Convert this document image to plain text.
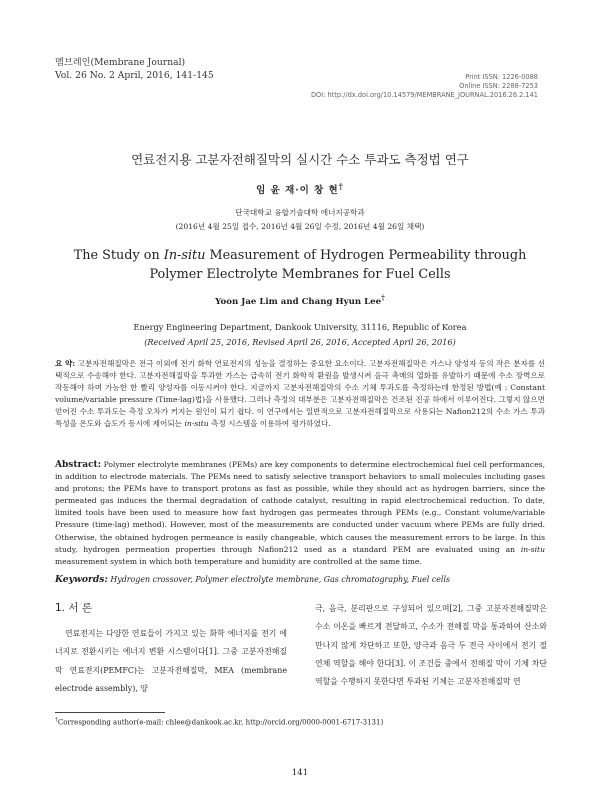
멤브레인(Membrane Journal)
Vol. 26 No. 2 April, 2016, 141-145	Print ISSN: 1226-0088
Online ISSN: 2288-7253
DOI: http://dx.doi.org/10.14579/MEMBRANE_JOURNAL.2016.26.2.141
연료전지용 고분자전해질막의 실시간 수소 투과도 측정법 연구
임 윤 재·이 창 현†
단국대학교 융합기술대학 에너지공학과
(2016년 4월 25일 접수, 2016년 4월 26일 수정, 2016년 4월 26일 채택)
The Study on In-situ Measurement of Hydrogen Permeability through Polymer Electrolyte Membranes for Fuel Cells
Yoon Jae Lim and Chang Hyun Lee†
Energy Engineering Department, Dankook University, 31116, Republic of Korea
(Received April 25, 2016, Revised April 26, 2016, Accepted April 26, 2016)
요 약: 고분자전해질막은 전극 이외에 전기 화학 연료전지의 성능을 결정하는 중요한 요소이다. 고분자전해질막은 가스나 양성자 등의 작은 분자를 선택적으로 수송해야 한다. 고분자전해질막을 투과한 가스는 급속히 전기 화학적 환원을 발생시켜 음극 촉매의 열화를 유발하기 때문에 수소 장벽으로 작동해야 하며 가능한 한 빨리 양성자를 이동시켜야 한다. 지금까지 고분자전해질막의 수소 기체 투과도를 측정하는데 한정된 방법(예 : Constant volume/variable pressure (Time-lag)법)을 사용했다. 그러나 측정의 대부분은 고분자전해질막은 건조된 진공 하에서 이루어진다. 그렇지 않으면 얻어진 수소 투과도는 측정 오차가 커지는 원인이 되기 쉽다. 이 연구에서는 일반적으로 고분자전해질막으로 사용되는 Nafion212의 수소 가스 투과 특성을 온도와 습도가 동시에 제어되는 in-situ 측정 시스템을 이용하여 평가하였다.
Abstract: Polymer electrolyte membranes (PEMs) are key components to determine electrochemical fuel cell performances, in addition to electrode materials. The PEMs need to satisfy selective transport behaviors to small molecules including gases and protons; the PEMs have to transport protons as fast as possible, while they should act as hydrogen barriers, since the permeated gas induces the thermal degradation of cathode catalyst, resulting in rapid electrochemical reduction. To date, limited tools have been used to measure how fast hydrogen gas permeates through PEMs (e.g., Constant volume/variable Pressure (time-lag) method). However, most of the measurements are conducted under vacuum where PEMs are fully dried. Otherwise, the obtained hydrogen permeance is easily changeable, which causes the measurement errors to be large. In this study, hydrogen permeation properties through Nafion212 used as a standard PEM are evaluated using an in-situ measurement system in which both temperature and humidity are controlled at the same time.
Keywords: Hydrogen crossover, Polymer electrolyte membrane, Gas chromatography, Fuel cells
1. 서 론

연료전지는 다양한 연료들이 가지고 있는 화학 에너지를 전기 에너지로 전환시키는 에너지 변환 시스템이다[1]. 그중 고분자전해질막 연료전지(PEMFC)는 고분자전해질막, MEA (membrane electrode assembly), 양

극, 음극, 분리판으로 구성되어 있으며[2], 그중 고분자전해질막은 수소 이온을 빠르게 전달하고, 수소가 전해질 막을 통과하여 산소와 만나지 않게 차단하고 또한, 양극과 음극 두 전극 사이에서 전기 절연체 역할을 해야 한다[3]. 이 조건들 중에서 전해질 막이 기체 차단 역할을 수행하지 못한다면 투과된 기체는 고분자전해질막 연

†Corresponding author(e-mail: chlee@dankook.ac.kr, http://orcid.org/0000-0001-6717-3131)
141
